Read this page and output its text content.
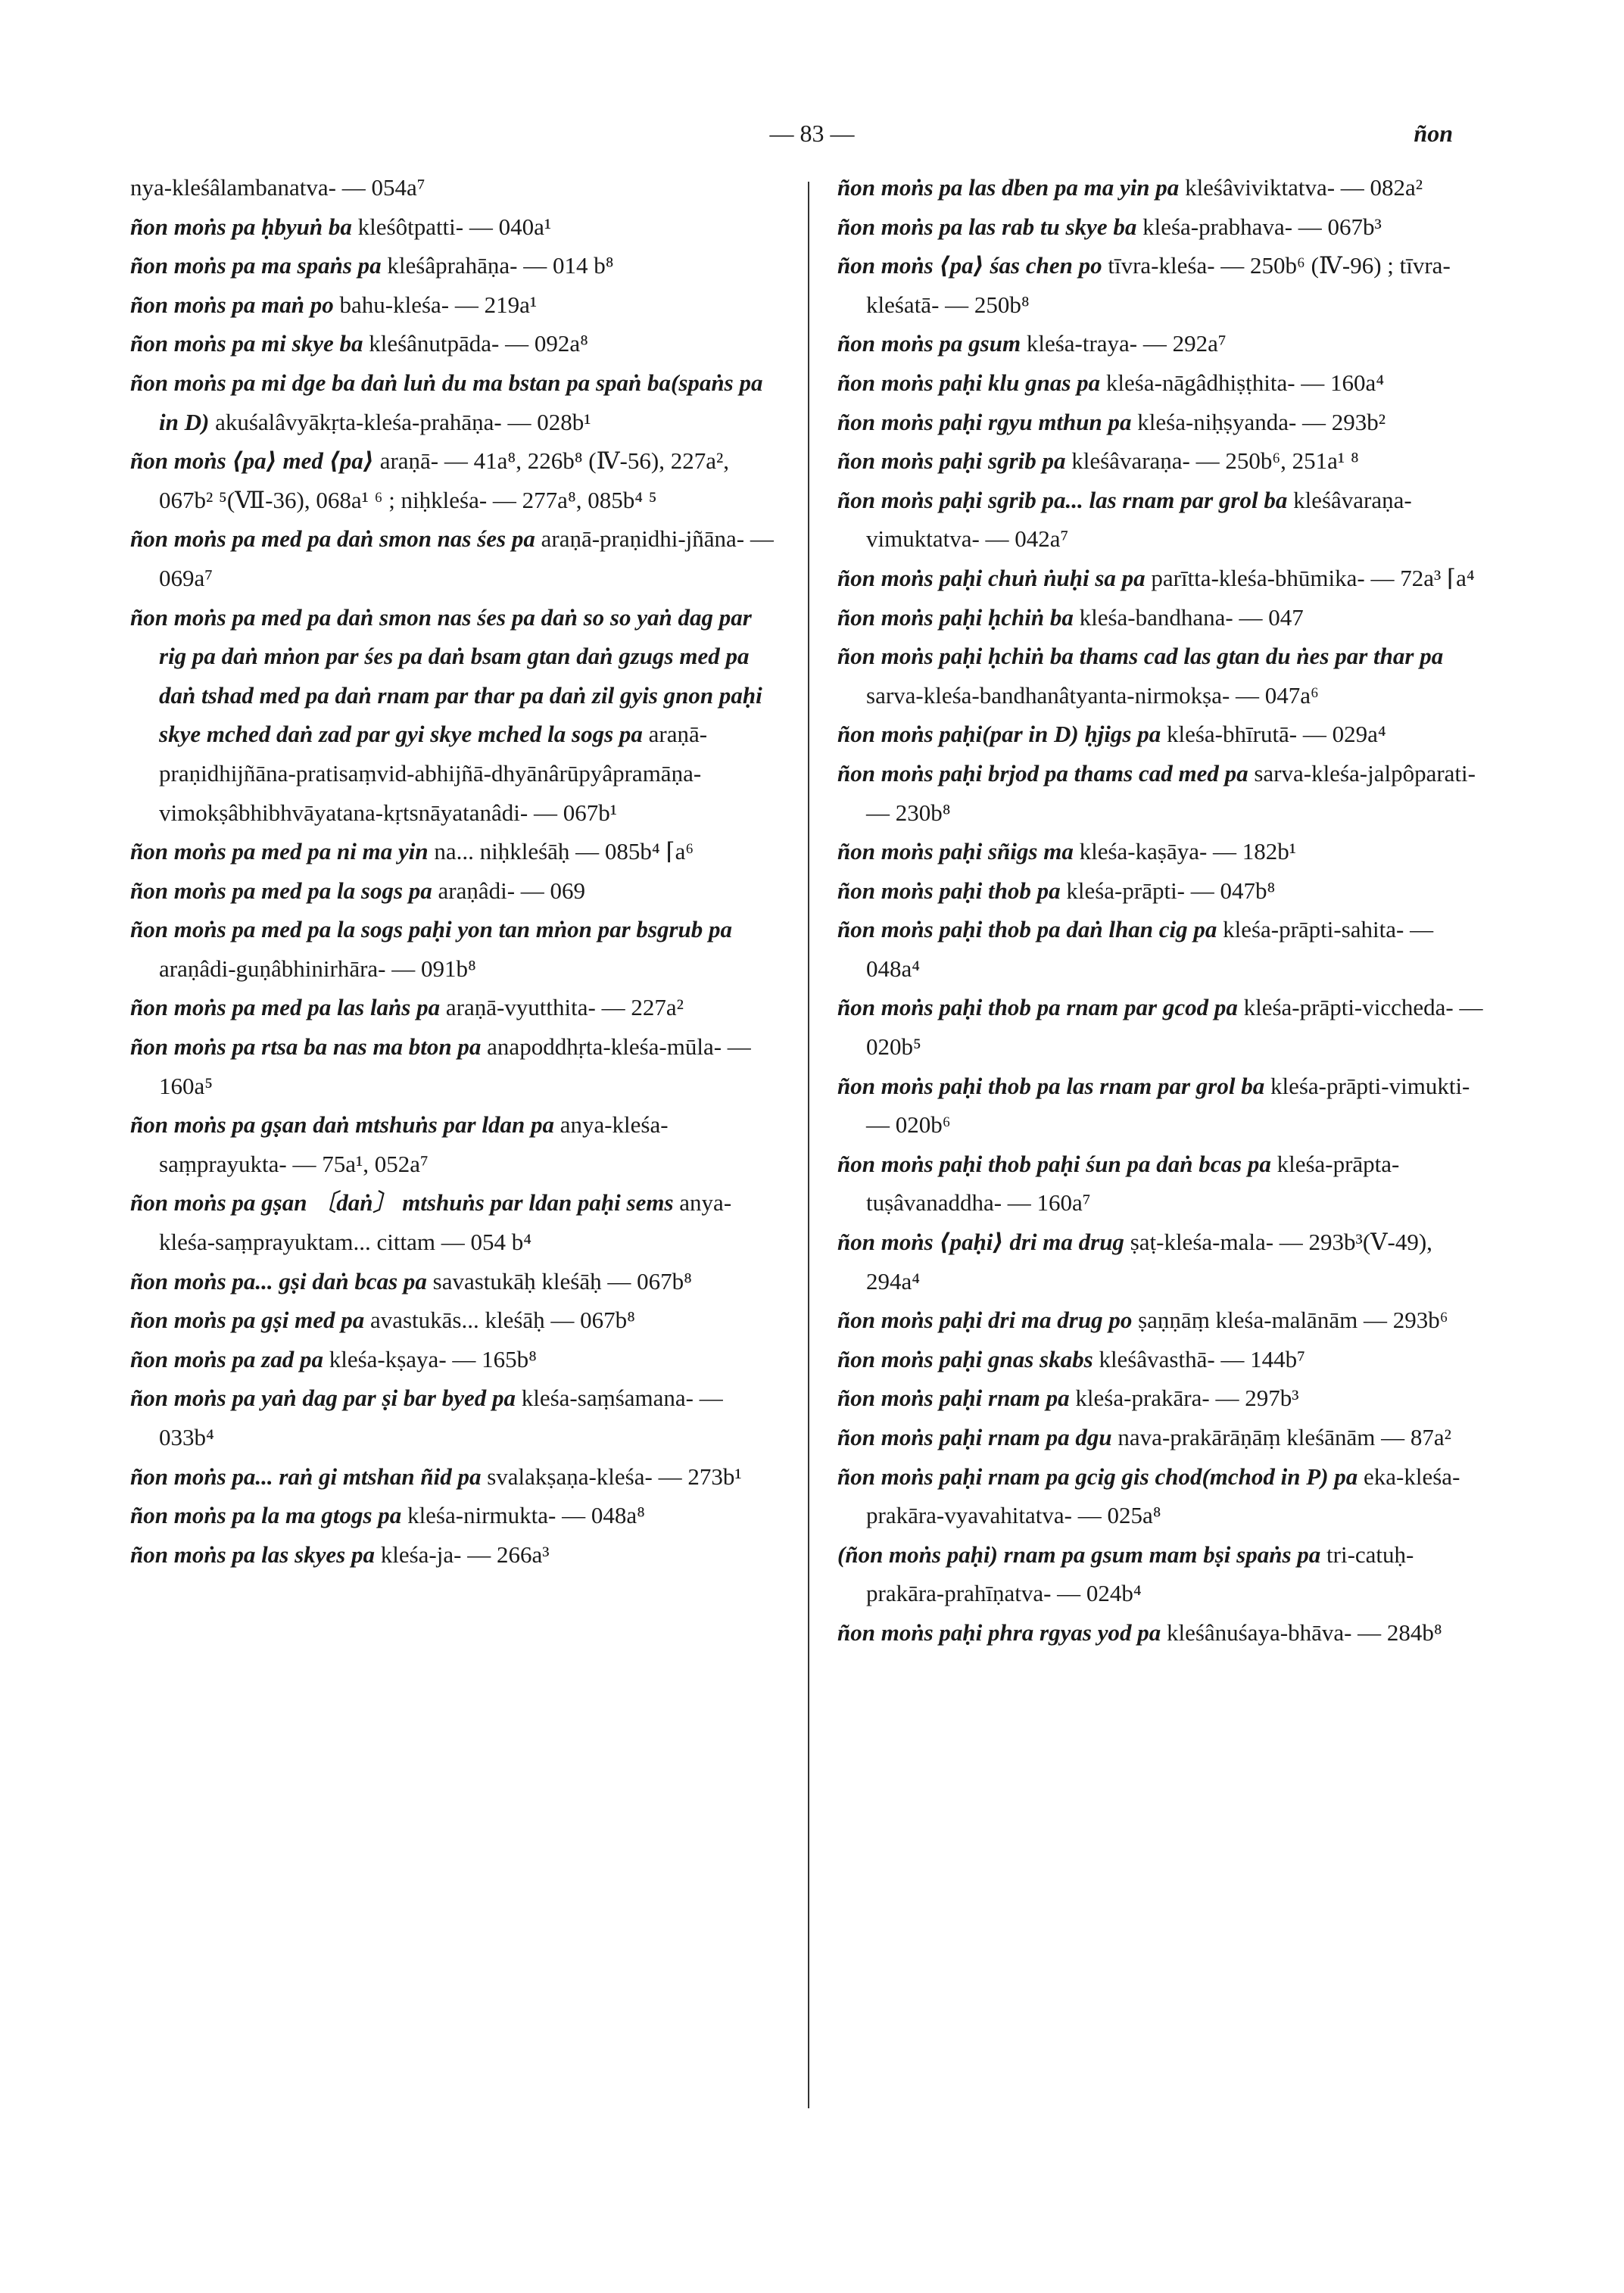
— 83 —	ñon

nya-kleśâlambanatva- — 054a⁷

ñon moṅs pa ḥbyuṅ ba kleśôtpatti- — 040a¹

ñon moṅs pa ma spaṅs pa kleśâprahāṇa- — 014 b⁸

ñon moṅs pa maṅ po bahu-kleśa- — 219a¹

ñon moṅs pa mi skye ba kleśânutpāda- — 092a⁸

ñon moṅs pa mi dge ba daṅ luṅ du ma bstan pa spaṅ ba(spaṅs pa in D) akuśalâvyākṛta-kleśa-prahāṇa- — 028b¹

ñon moṅs ⟨pa⟩ med ⟨pa⟩ araṇā- — 41a⁸, 226b⁸ (Ⅳ-56), 227a², 067b² ⁵(Ⅶ-36), 068a¹ ⁶ ; niḥkleśa- — 277a⁸, 085b⁴ ⁵

ñon moṅs pa med pa daṅ smon nas śes pa araṇā-praṇidhi-jñāna- — 069a⁷

ñon moṅs pa med pa daṅ smon nas śes pa daṅ so so yaṅ dag par rig pa daṅ mṅon par śes pa daṅ bsam gtan daṅ gzugs med pa daṅ tshad med pa daṅ rnam par thar pa daṅ zil gyis gnon paḥi skye mched daṅ zad par gyi skye mched la sogs pa araṇā-praṇidhijñāna-pratisaṃvid-abhijñā-dhyānârūpyâpramāṇa-vimokṣâbhibhvāyatana-kṛtsnāyatanâdi- — 067b¹

ñon moṅs pa med pa ni ma yin na... niḥkleśāḥ — 085b⁴ ⌈a⁶

ñon moṅs pa med pa la sogs pa araṇâdi- — 069

ñon moṅs pa med pa la sogs paḥi yon tan mṅon par bsgrub pa araṇâdi-guṇâbhinirhāra- — 091b⁸

ñon moṅs pa med pa las laṅs pa araṇā-vyutthita- — 227a²

ñon moṅs pa rtsa ba nas ma bton pa anapoddhṛta-kleśa-mūla- — 160a⁵

ñon moṅs pa gṣan daṅ mtshuṅs par ldan pa anya-kleśa-saṃprayukta- — 75a¹, 052a⁷

ñon moṅs pa gṣan 〔daṅ〕 mtshuṅs par ldan paḥi sems anya-kleśa-saṃprayuktam... cittam — 054 b⁴

ñon moṅs pa... gṣi daṅ bcas pa savastukāḥ kleśāḥ — 067b⁸

ñon moṅs pa gṣi med pa avastukās... kleśāḥ — 067b⁸

ñon moṅs pa zad pa kleśa-kṣaya- — 165b⁸

ñon moṅs pa yaṅ dag par ṣi bar byed pa kleśa-saṃśamana- — 033b⁴

ñon moṅs pa... raṅ gi mtshan ñid pa svalakṣaṇa-kleśa- — 273b¹

ñon moṅs pa la ma gtogs pa kleśa-nirmukta- — 048a⁸

ñon moṅs pa las skyes pa kleśa-ja- — 266a³

ñon moṅs pa las dben pa ma yin pa kleśâviviktatva- — 082a²

ñon moṅs pa las rab tu skye ba kleśa-prabhava- — 067b³

ñon moṅs ⟨pa⟩ śas chen po tīvra-kleśa- — 250b⁶ (Ⅳ-96) ; tīvra-kleśatā- — 250b⁸

ñon moṅs pa gsum kleśa-traya- — 292a⁷

ñon moṅs paḥi klu gnas pa kleśa-nāgâdhiṣṭhita- — 160a⁴

ñon moṅs paḥi rgyu mthun pa kleśa-niḥṣyanda- — 293b²

ñon moṅs paḥi sgrib pa kleśâvaraṇa- — 250b⁶, 251a¹ ⁸

ñon moṅs paḥi sgrib pa... las rnam par grol ba kleśâvaraṇa-vimuktatva- — 042a⁷

ñon moṅs paḥi chuṅ ṅuḥi sa pa parītta-kleśa-bhūmika- — 72a³ ⌈a⁴

ñon moṅs paḥi ḥchiṅ ba kleśa-bandhana- — 047

ñon moṅs paḥi ḥchiṅ ba thams cad las gtan du ṅes par thar pa sarva-kleśa-bandhanâtyanta-nirmokṣa- — 047a⁶

ñon moṅs paḥi(par in D) ḥjigs pa kleśa-bhīrutā- — 029a⁴

ñon moṅs paḥi brjod pa thams cad med pa sarva-kleśa-jalpôparati- — 230b⁸

ñon moṅs paḥi sñigs ma kleśa-kaṣāya- — 182b¹

ñon moṅs paḥi thob pa kleśa-prāpti- — 047b⁸

ñon moṅs paḥi thob pa daṅ lhan cig pa kleśa-prāpti-sahita- — 048a⁴

ñon moṅs paḥi thob pa rnam par gcod pa kleśa-prāpti-viccheda- — 020b⁵

ñon moṅs paḥi thob pa las rnam par grol ba kleśa-prāpti-vimukti- — 020b⁶

ñon moṅs paḥi thob paḥi śun pa daṅ bcas pa kleśa-prāpta-tuṣâvanaddha- — 160a⁷

ñon moṅs ⟨paḥi⟩ dri ma drug ṣaṭ-kleśa-mala- — 293b³(Ⅴ-49), 294a⁴

ñon moṅs paḥi dri ma drug po ṣaṇṇāṃ kleśa-malānām — 293b⁶

ñon moṅs paḥi gnas skabs kleśâvasthā- — 144b⁷

ñon moṅs paḥi rnam pa kleśa-prakāra- — 297b³

ñon moṅs paḥi rnam pa dgu nava-prakārāṇāṃ kleśānām — 87a²

ñon moṅs paḥi rnam pa gcig gis chod(mchod in P) pa eka-kleśa-prakāra-vyavahitatva- — 025a⁸

(ñon moṅs paḥi) rnam pa gsum mam bṣi spaṅs pa tri-catuḥ-prakāra-prahīṇatva- — 024b⁴

ñon moṅs paḥi phra rgyas yod pa kleśânuśaya-bhāva- — 284b⁸
